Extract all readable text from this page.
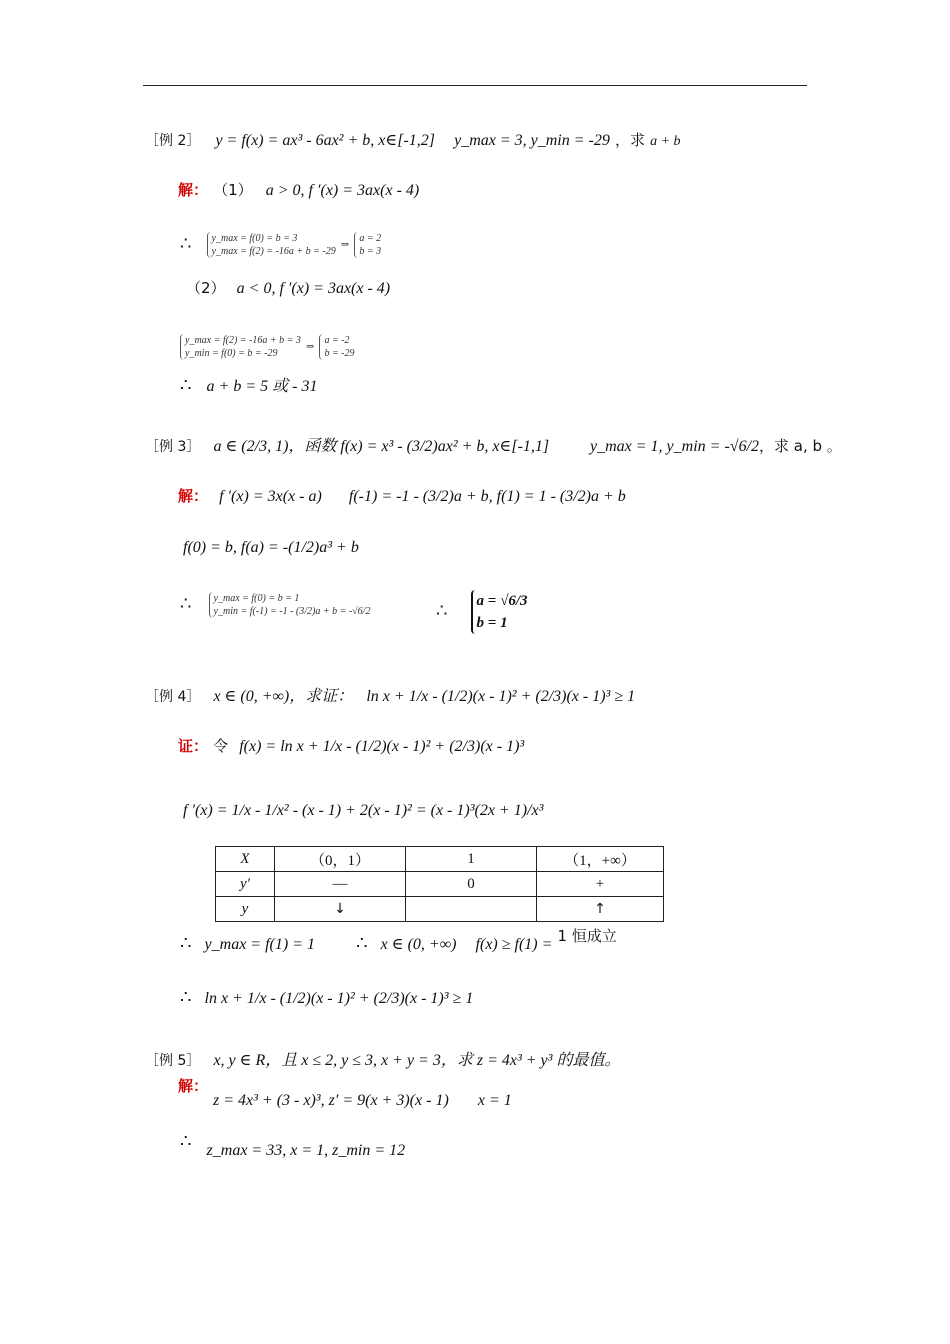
［例 2］ y = f(x) = ax³ - 6ax² + b, x∈[-1,2] y_max = 3, y_min = -29 ，求 a + b
解： （1） a > 0, f ′(x) = 3ax(x - 4)
∴ y_max = f(0) = b = 3
y_max = f(2) = -16a + b = -29
⇒
a = 2
b = 3
（2） a < 0, f ′(x) = 3ax(x - 4)
y_max = f(2) = -16a + b = 3
y_min = f(0) = b = -29
⇒
a = -2
b = -29
∴ a + b = 5 或 - 31
［例 3］ a ∈ (2/3, 1)，函数 f(x) = x³ - (3/2)ax² + b, x∈[-1,1]	y_max = 1, y_min = -√6/2，求 a, b 。
解： f ′(x) = 3x(x - a) f(-1) = -1 - (3/2)a + b, f(1) = 1 - (3/2)a + b
f(0) = b, f(a) = -(1/2)a³ + b
∴ y_max = f(0) = b = 1
y_min = f(-1) = -1 - (3/2)a + b = -√6/2	∴ a = √6/3
b = 1
［例 4］ x ∈ (0, +∞)，求证： ln x + 1/x - (1/2)(x - 1)² + (2/3)(x - 1)³ ≥ 1
证： 令 f(x) = ln x + 1/x - (1/2)(x - 1)² + (2/3)(x - 1)³
f ′(x) = 1/x - 1/x² - (x - 1) + 2(x - 1)² = (x - 1)³(2x + 1)/x³
X	（0，1）	1	（1，+∞）
y′	—	0	+
y	↓		↑
∴ y_max = f(1) = 1 ∴ x ∈ (0, +∞) f(x) ≥ f(1) = 1 恒成立
∴ ln x + 1/x - (1/2)(x - 1)² + (2/3)(x - 1)³ ≥ 1
［例 5］ x, y ∈ R，且 x ≤ 2, y ≤ 3, x + y = 3，求 z = 4x³ + y³ 的最值。
解：
z = 4x³ + (3 - x)³, z′ = 9(x + 3)(x - 1) x = 1
∴ z_max = 33, x = 1, z_min = 12
